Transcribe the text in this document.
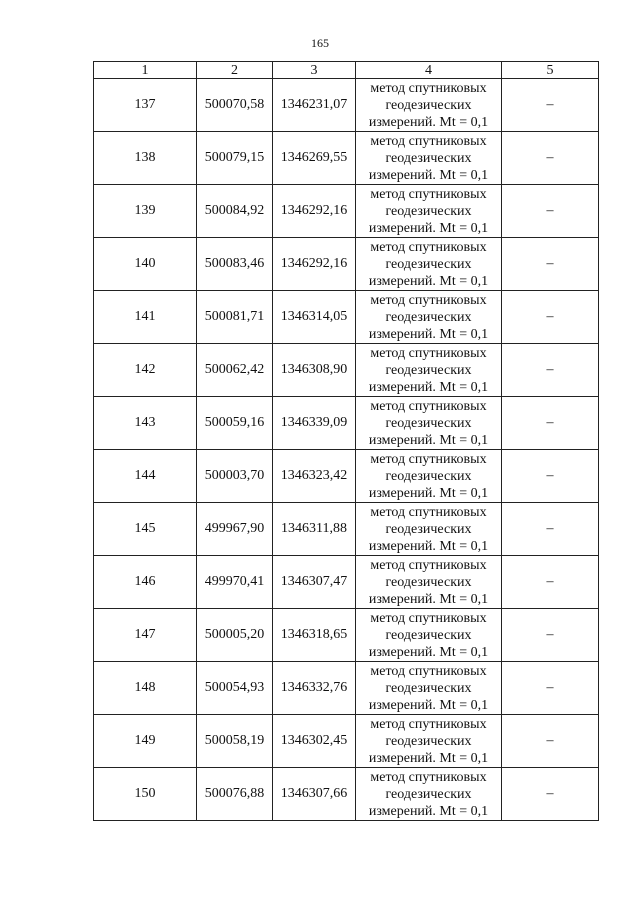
165
1	2	3	4	5
137	500070,58	1346231,07	метод спутниковых
геодезических
измерений. Mt = 0,1	–
138	500079,15	1346269,55	метод спутниковых
геодезических
измерений. Mt = 0,1	–
139	500084,92	1346292,16	метод спутниковых
геодезических
измерений. Mt = 0,1	–
140	500083,46	1346292,16	метод спутниковых
геодезических
измерений. Mt = 0,1	–
141	500081,71	1346314,05	метод спутниковых
геодезических
измерений. Mt = 0,1	–
142	500062,42	1346308,90	метод спутниковых
геодезических
измерений. Mt = 0,1	–
143	500059,16	1346339,09	метод спутниковых
геодезических
измерений. Mt = 0,1	–
144	500003,70	1346323,42	метод спутниковых
геодезических
измерений. Mt = 0,1	–
145	499967,90	1346311,88	метод спутниковых
геодезических
измерений. Mt = 0,1	–
146	499970,41	1346307,47	метод спутниковых
геодезических
измерений. Mt = 0,1	–
147	500005,20	1346318,65	метод спутниковых
геодезических
измерений. Mt = 0,1	–
148	500054,93	1346332,76	метод спутниковых
геодезических
измерений. Mt = 0,1	–
149	500058,19	1346302,45	метод спутниковых
геодезических
измерений. Mt = 0,1	–
150	500076,88	1346307,66	метод спутниковых
геодезических
измерений. Mt = 0,1	–
